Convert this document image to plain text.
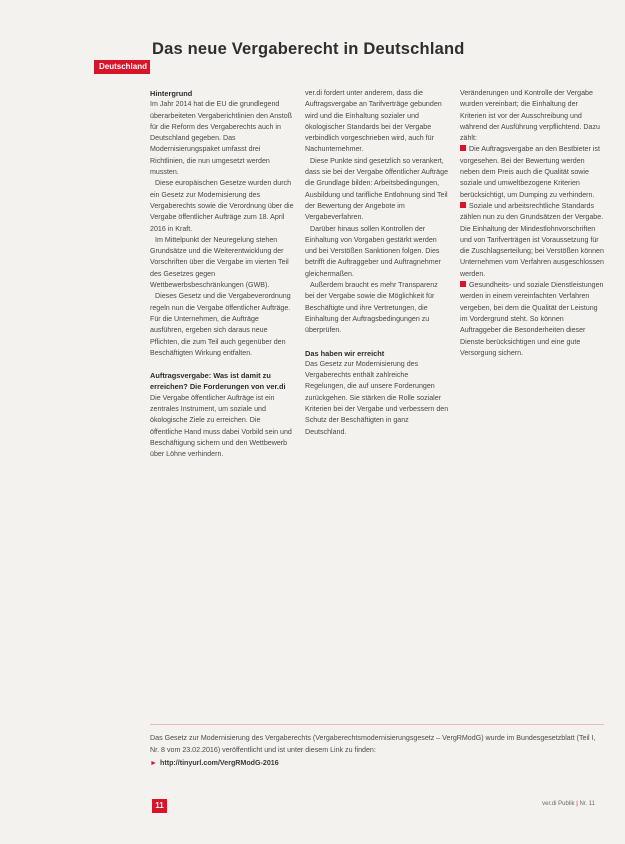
Deutschland
Das neue Vergaberecht in Deutschland
Hintergrund

Im Jahr 2014 hat die EU die grundlegend überarbeiteten Vergaberichtlinien den Anstoß für die Reform des Vergaberechts auch in Deutschland gegeben. Das Modernisierungspaket umfasst drei Richtlinien, die nun umgesetzt werden mussten.

Diese europäischen Gesetze wurden durch ein Gesetz zur Modernisierung des Vergaberechts sowie die Verordnung über die Vergabe öffentlicher Aufträge zum 18. April 2016 in Kraft.

Im Mittelpunkt der Neuregelung stehen Grundsätze und die Weiterentwicklung der Vorschriften über die Vergabe im vierten Teil des Gesetzes gegen Wettbewerbsbeschränkungen (GWB).

Dieses Gesetz und die Vergabeverordnung regeln nun die Vergabe öffentlicher Aufträge. Für die Unternehmen, die Aufträge ausführen, ergeben sich daraus neue Pflichten, die zum Teil auch gegenüber den Beschäftigten Wirkung entfalten.

Auftragsvergabe: Was ist damit zu erreichen? Die Forderungen von ver.di

Die Vergabe öffentlicher Aufträge ist ein zentrales Instrument, um soziale und ökologische Ziele zu erreichen. Die öffentliche Hand muss dabei Vorbild sein und Beschäftigung sichern und den Wettbewerb über Löhne verhindern.

ver.di fordert unter anderem, dass die Auftragsvergabe an Tarifverträge gebunden wird und die Einhaltung sozialer und ökologischer Standards bei der Vergabe verbindlich vorgeschrieben wird, auch für Nachunternehmer.

Diese Punkte sind gesetzlich so verankert, dass sie bei der Vergabe öffentlicher Aufträge die Grundlage bilden: Arbeitsbedingungen, Ausbildung und tarifliche Entlohnung sind Teil der Bewertung der Angebote im Vergabeverfahren.

Darüber hinaus sollen Kontrollen der Einhaltung von Vorgaben gestärkt werden und bei Verstößen Sanktionen folgen. Dies betrifft die Auftraggeber und Auftragnehmer gleichermaßen.

Außerdem braucht es mehr Transparenz bei der Vergabe sowie die Möglichkeit für Beschäftigte und ihre Vertretungen, die Einhaltung der Auftragsbedingungen zu überprüfen.

Das haben wir erreicht

Das Gesetz zur Modernisierung des Vergaberechts enthält zahlreiche Regelungen, die auf unsere Forderungen zurückgehen. Sie stärken die Rolle sozialer Kriterien bei der Vergabe und verbessern den Schutz der Beschäftigten in ganz Deutschland.

Veränderungen und Kontrolle der Vergabe wurden vereinbart; die Einhaltung der Kriterien ist vor der Ausschreibung und während der Ausführung verpflichtend. Dazu zählt:

Die Auftragsvergabe an den Bestbieter ist vorgesehen. Bei der Bewertung werden neben dem Preis auch die Qualität sowie soziale und umweltbezogene Kriterien berücksichtigt, um Dumping zu verhindern.

Soziale und arbeitsrechtliche Standards zählen nun zu den Grundsätzen der Vergabe. Die Einhaltung der Mindestlohnvorschriften und von Tarifverträgen ist Voraussetzung für die Zuschlagserteilung; bei Verstößen können Unternehmen vom Verfahren ausgeschlossen werden.

Gesundheits- und soziale Dienstleistungen werden in einem vereinfachten Verfahren vergeben, bei dem die Qualität der Leistung im Vordergrund steht. So können Auftraggeber die Besonderheiten dieser Dienste berücksichtigen und eine gute Versorgung sichern.

Das Gesetz zur Modernisierung des Vergaberechts (Vergaberechtsmodernisierungsgesetz – VergRModG) wurde im Bundesgesetzblatt (Teil I, Nr. 8 vom 23.02.2016) veröffentlicht und ist unter diesem Link zu finden:
► http://tinyurl.com/VergRModG-2016
11	ver.di Publik | Nr. 11
